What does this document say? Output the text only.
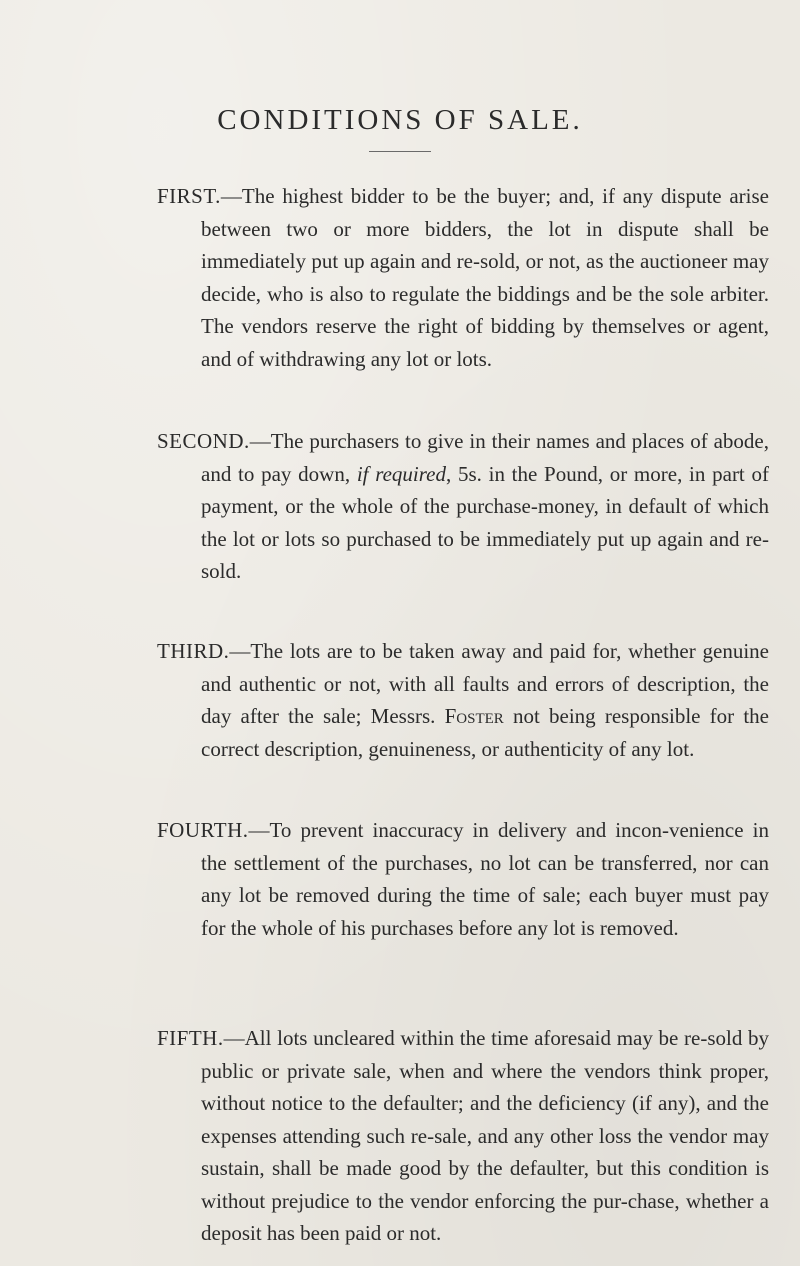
CONDITIONS OF SALE.

FIRST.—The highest bidder to be the buyer; and, if any dispute arise between two or more bidders, the lot in dispute shall be immediately put up again and re-sold, or not, as the auctioneer may decide, who is also to regulate the biddings and be the sole arbiter. The vendors reserve the right of bidding by themselves or agent, and of withdrawing any lot or lots.

SECOND.—The purchasers to give in their names and places of abode, and to pay down, if required, 5s. in the Pound, or more, in part of payment, or the whole of the purchase-money, in default of which the lot or lots so purchased to be immediately put up again and re-sold.

THIRD.—The lots are to be taken away and paid for, whether genuine and authentic or not, with all faults and errors of description, the day after the sale; Messrs. Foster not being responsible for the correct description, genuineness, or authenticity of any lot.

FOURTH.—To prevent inaccuracy in delivery and incon-venience in the settlement of the purchases, no lot can be transferred, nor can any lot be removed during the time of sale; each buyer must pay for the whole of his purchases before any lot is removed.

FIFTH.—All lots uncleared within the time aforesaid may be re-sold by public or private sale, when and where the vendors think proper, without notice to the defaulter; and the deficiency (if any), and the expenses attending such re-sale, and any other loss the vendor may sustain, shall be made good by the defaulter, but this condition is without prejudice to the vendor enforcing the pur-chase, whether a deposit has been paid or not.
